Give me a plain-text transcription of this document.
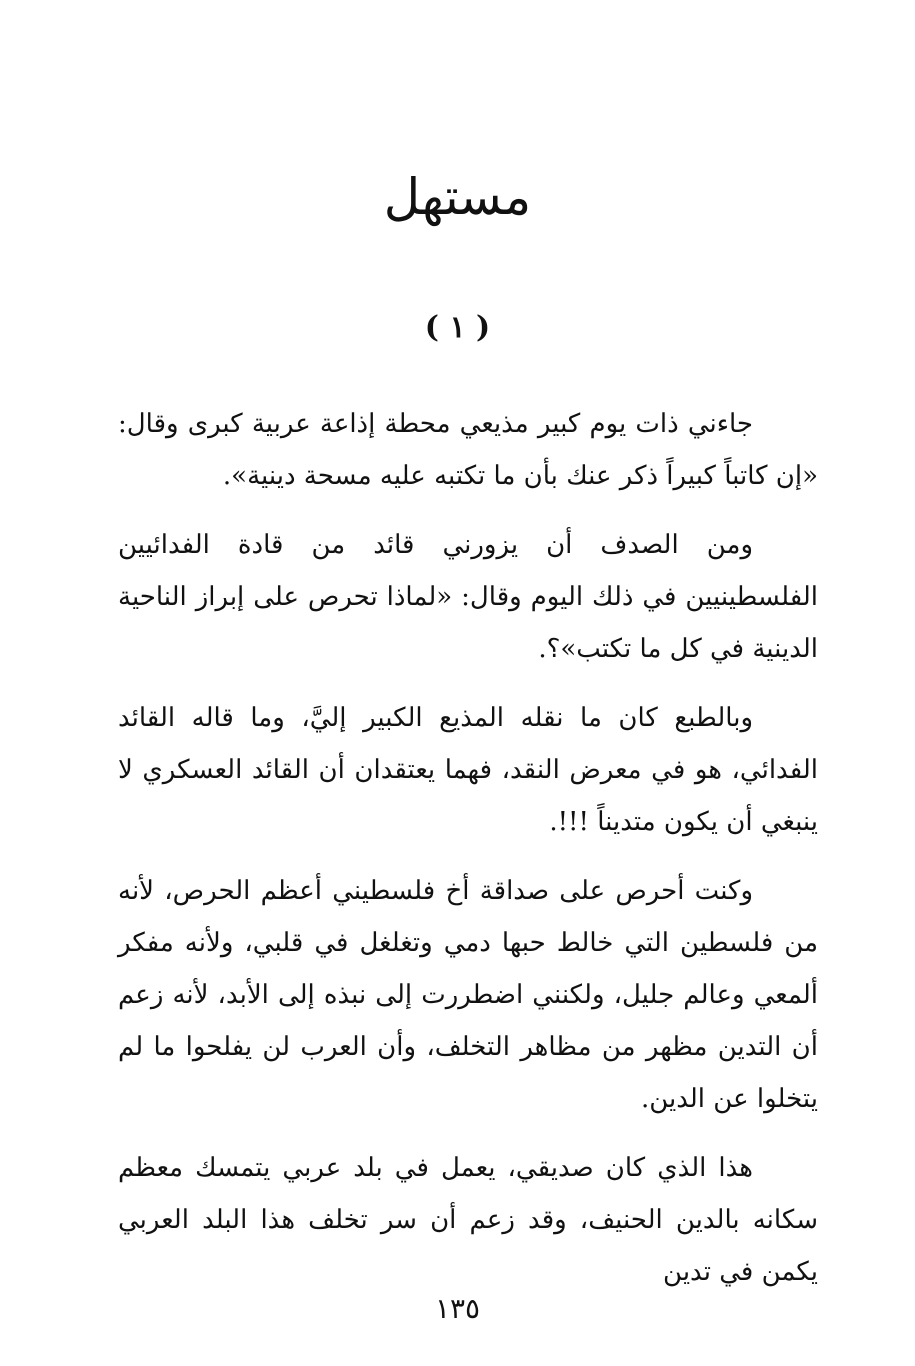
مستهل
( ١ )

جاءني ذات يوم كبير مذيعي محطة إذاعة عربية كبرى وقال: «إن كاتباً كبيراً ذكر عنك بأن ما تكتبه عليه مسحة دينية».

ومن الصدف أن يزورني قائد من قادة الفدائيين الفلسطينيين في ذلك اليوم وقال: «لماذا تحرص على إبراز الناحية الدينية في كل ما تكتب»؟.

وبالطبع كان ما نقله المذيع الكبير إليَّ، وما قاله القائد الفدائي، هو في معرض النقد، فهما يعتقدان أن القائد العسكري لا ينبغي أن يكون متديناً !!!.

وكنت أحرص على صداقة أخ فلسطيني أعظم الحرص، لأنه من فلسطين التي خالط حبها دمي وتغلغل في قلبي، ولأنه مفكر ألمعي وعالم جليل، ولكنني اضطررت إلى نبذه إلى الأبد، لأنه زعم أن التدين مظهر من مظاهر التخلف، وأن العرب لن يفلحوا ما لم يتخلوا عن الدين.

هذا الذي كان صديقي، يعمل في بلد عربي يتمسك معظم سكانه بالدين الحنيف، وقد زعم أن سر تخلف هذا البلد العربي يكمن في تدين

١٣٥
